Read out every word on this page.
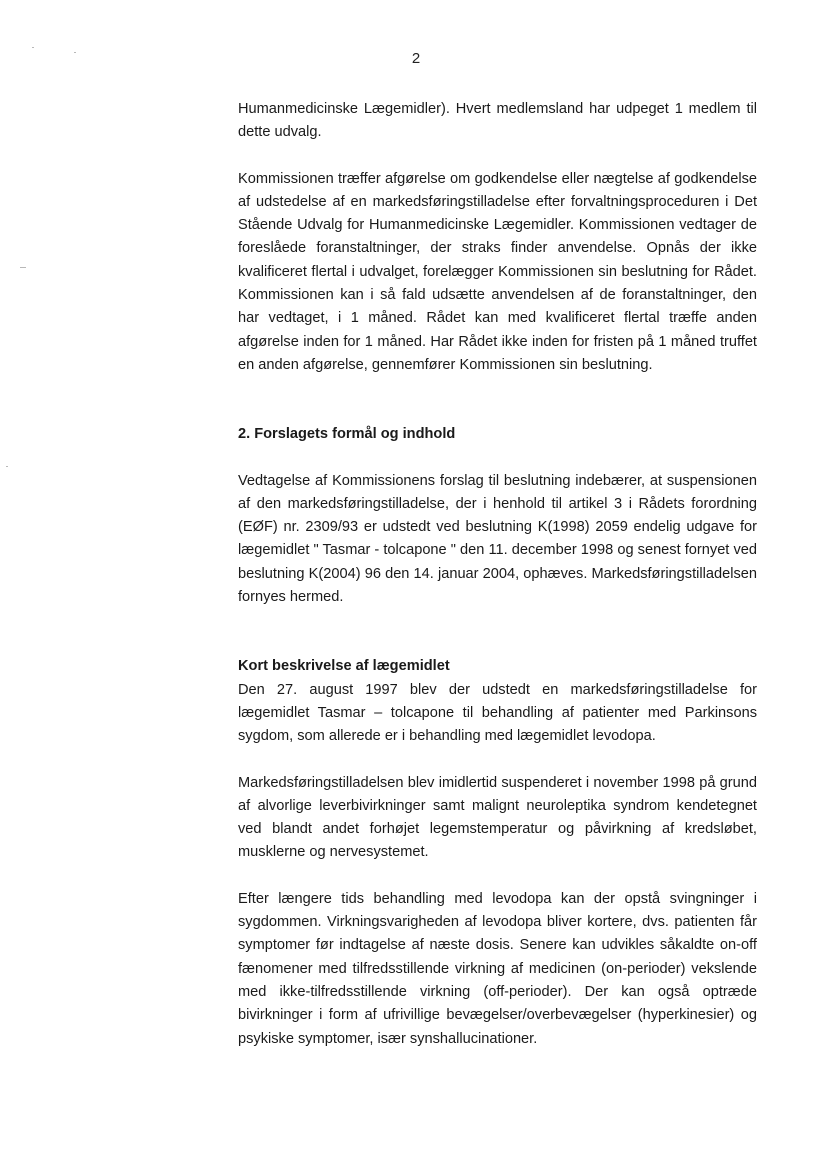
2

Humanmedicinske Lægemidler). Hvert medlemsland har udpeget 1 medlem til dette udvalg.

Kommissionen træffer afgørelse om godkendelse eller nægtelse af godkendelse af udstedelse af en markedsføringstilladelse efter forvaltningsproceduren i Det Stående Udvalg for Humanmedicinske Lægemidler. Kommissionen vedtager de foreslåede foranstaltninger, der straks finder anvendelse. Opnås der ikke kvalificeret flertal i udvalget, forelægger Kommissionen sin beslutning for Rådet. Kommissionen kan i så fald udsætte anvendelsen af de foranstaltninger, den har vedtaget, i 1 måned. Rådet kan med kvalificeret flertal træffe anden afgørelse inden for 1 måned. Har Rådet ikke inden for fristen på 1 måned truffet en anden afgørelse, gennemfører Kommissionen sin beslutning.

2. Forslagets formål og indhold

Vedtagelse af Kommissionens forslag til beslutning indebærer, at suspensionen af den markedsføringstilladelse, der i henhold til artikel 3 i Rådets forordning (EØF) nr. 2309/93 er udstedt ved beslutning K(1998) 2059 endelig udgave for lægemidlet " Tasmar - tolcapone " den 11. december 1998 og senest fornyet ved beslutning K(2004) 96 den 14. januar 2004, ophæves. Markedsføringstilladelsen fornyes hermed.

Kort beskrivelse af lægemidlet

Den 27. august 1997 blev der udstedt en markedsføringstilladelse for lægemidlet Tasmar – tolcapone til behandling af patienter med Parkinsons sygdom, som allerede er i behandling med lægemidlet levodopa.

Markedsføringstilladelsen blev imidlertid suspenderet i november 1998 på grund af alvorlige leverbivirkninger samt malignt neuroleptika syndrom kendetegnet ved blandt andet forhøjet legemstemperatur og påvirkning af kredsløbet, musklerne og nervesystemet.

Efter længere tids behandling med levodopa kan der opstå svingninger i sygdommen. Virkningsvarigheden af levodopa bliver kortere, dvs. patienten får symptomer før indtagelse af næste dosis. Senere kan udvikles såkaldte on-off fænomener med tilfredsstillende virkning af medicinen (on-perioder) vekslende med ikke-tilfredsstillende virkning (off-perioder). Der kan også optræde bivirkninger i form af ufrivillige bevægelser/overbevægelser (hyperkinesier) og psykiske symptomer, især synshallucinationer.
